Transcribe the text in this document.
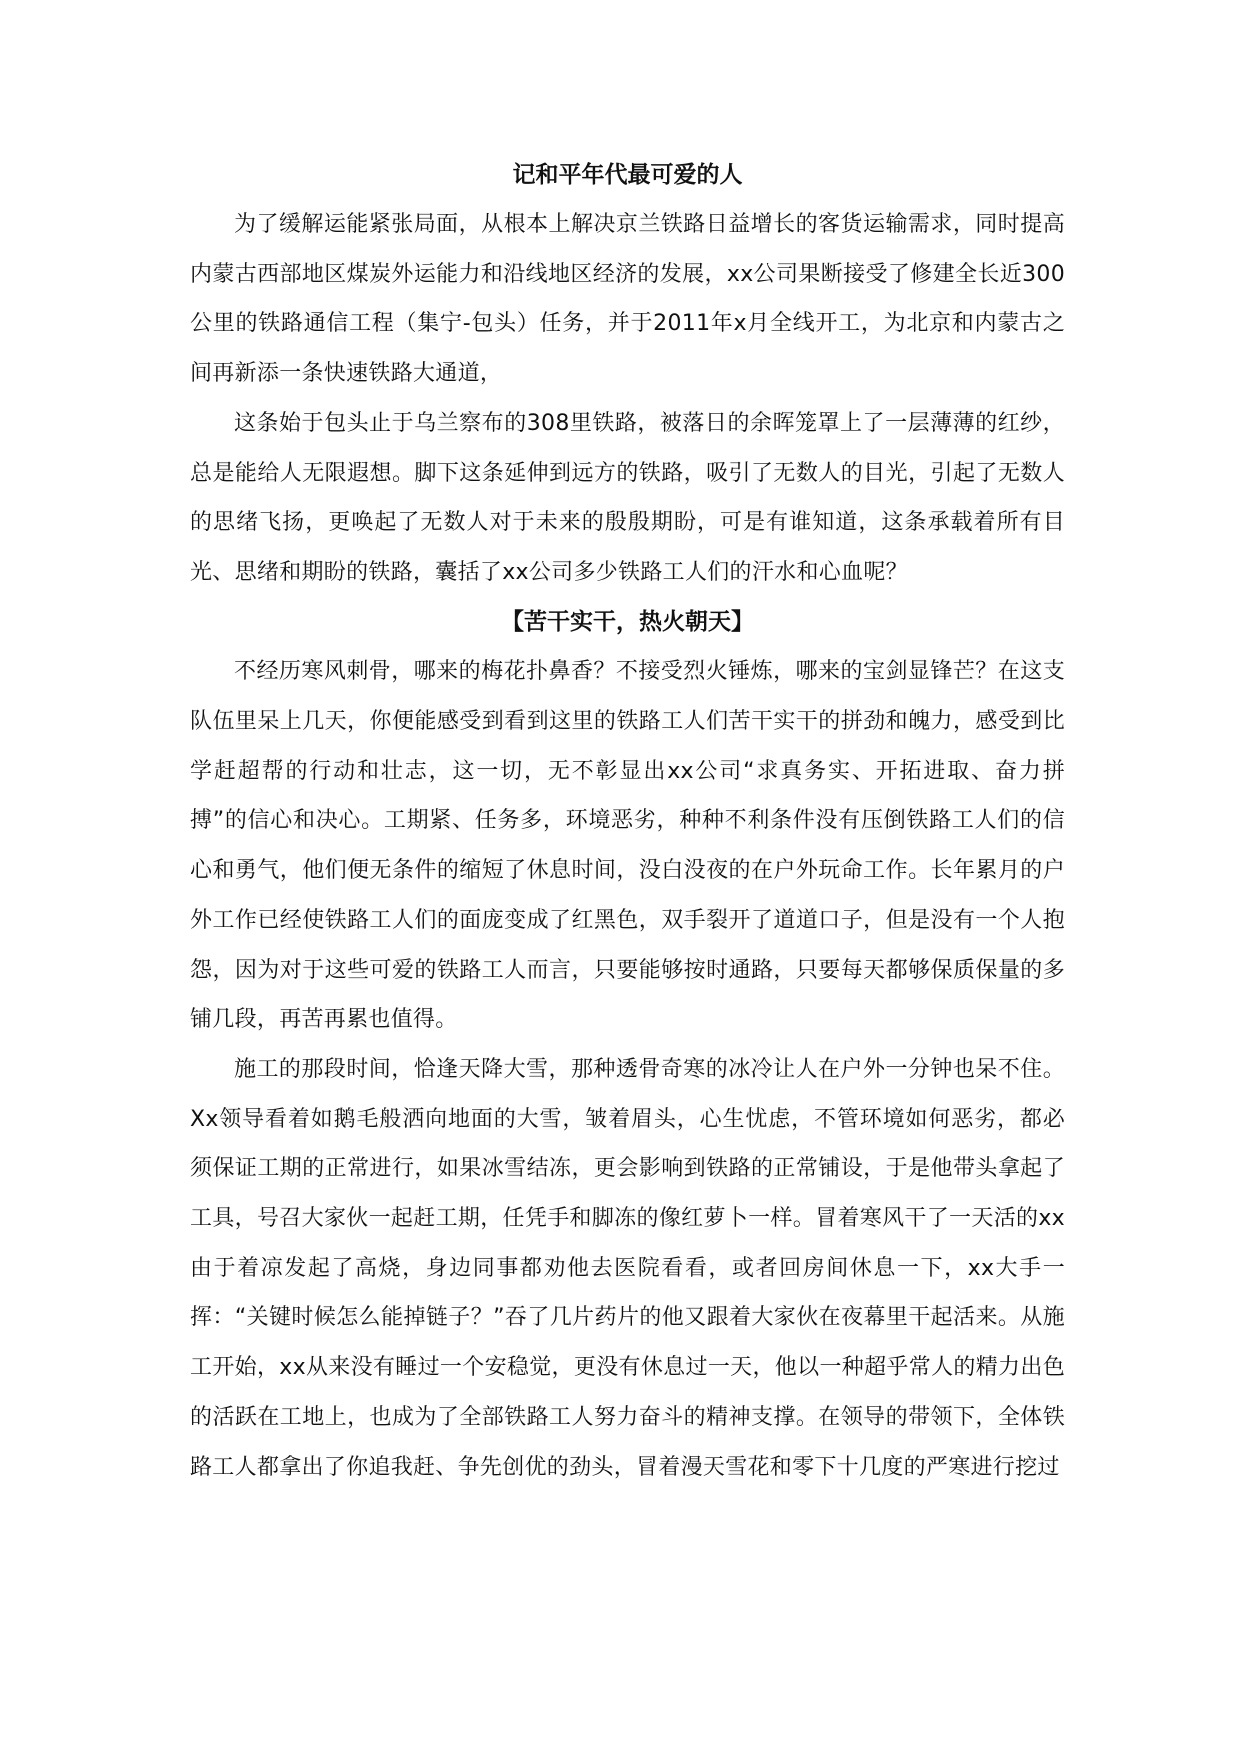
记和平年代最可爱的人

为了缓解运能紧张局面，从根本上解决京兰铁路日益增长的客货运输需求，同时提高内蒙古西部地区煤炭外运能力和沿线地区经济的发展，xx公司果断接受了修建全长近300公里的铁路通信工程（集宁-包头）任务，并于2011年x月全线开工，为北京和内蒙古之间再新添一条快速铁路大通道，

这条始于包头止于乌兰察布的308里铁路，被落日的余晖笼罩上了一层薄薄的红纱，总是能给人无限遐想。脚下这条延伸到远方的铁路，吸引了无数人的目光，引起了无数人的思绪飞扬，更唤起了无数人对于未来的殷殷期盼，可是有谁知道，这条承载着所有目光、思绪和期盼的铁路，囊括了xx公司多少铁路工人们的汗水和心血呢？

【苦干实干，热火朝天】

不经历寒风刺骨，哪来的梅花扑鼻香？不接受烈火锤炼，哪来的宝剑显锋芒？在这支队伍里呆上几天，你便能感受到看到这里的铁路工人们苦干实干的拼劲和魄力，感受到比学赶超帮的行动和壮志，这一切，无不彰显出xx公司“求真务实、开拓进取、奋力拼搏”的信心和决心。工期紧、任务多，环境恶劣，种种不利条件没有压倒铁路工人们的信心和勇气，他们便无条件的缩短了休息时间，没白没夜的在户外玩命工作。长年累月的户外工作已经使铁路工人们的面庞变成了红黑色，双手裂开了道道口子，但是没有一个人抱怨，因为对于这些可爱的铁路工人而言，只要能够按时通路，只要每天都够保质保量的多铺几段，再苦再累也值得。

施工的那段时间，恰逢天降大雪，那种透骨奇寒的冰冷让人在户外一分钟也呆不住。Xx领导看着如鹅毛般洒向地面的大雪，皱着眉头，心生忧虑，不管环境如何恶劣，都必须保证工期的正常进行，如果冰雪结冻，更会影响到铁路的正常铺设，于是他带头拿起了工具，号召大家伙一起赶工期，任凭手和脚冻的像红萝卜一样。冒着寒风干了一天活的xx由于着凉发起了高烧，身边同事都劝他去医院看看，或者回房间休息一下，xx大手一挥：“关键时候怎么能掉链子？”吞了几片药片的他又跟着大家伙在夜幕里干起活来。从施工开始，xx从来没有睡过一个安稳觉，更没有休息过一天，他以一种超乎常人的精力出色的活跃在工地上，也成为了全部铁路工人努力奋斗的精神支撑。在领导的带领下，全体铁路工人都拿出了你追我赶、争先创优的劲头，冒着漫天雪花和零下十几度的严寒进行挖过
